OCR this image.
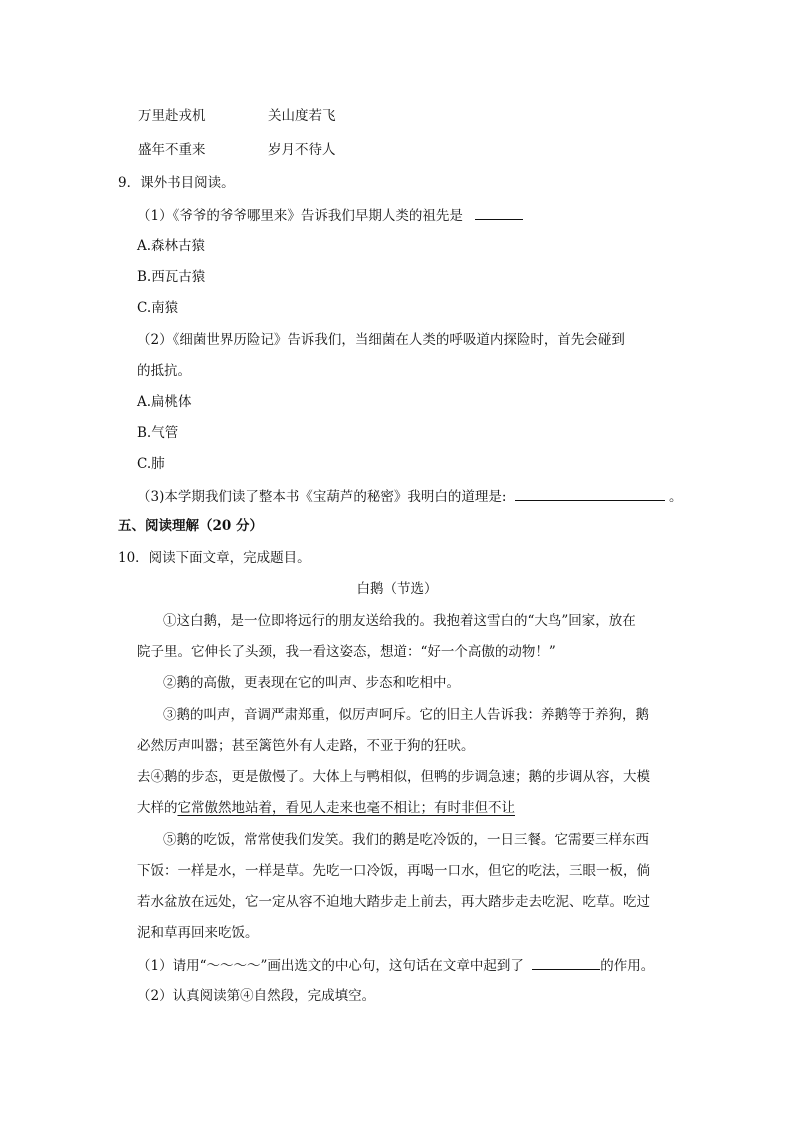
万里赴戎机	关山度若飞
盛年不重来	岁月不待人
9．课外书目阅读。
（1）《爷爷的爷爷哪里来》告诉我们早期人类的祖先是
A.森林古猿
B.西瓦古猿
C.南猿
（2）《细菌世界历险记》告诉我们，当细菌在人类的呼吸道内探险时，首先会碰到
的抵抗。
A.扁桃体
B.气管
C.肺
（3)本学期我们读了整本书《宝葫芦的秘密》我明白的道理是:	。
五、阅读理解（20 分）
10．阅读下面文章，完成题目。
白鹅（节选）
①这白鹅，是一位即将远行的朋友送给我的。我抱着这雪白的“大鸟”回家，放在
院子里。它伸长了头颈，我一看这姿态，想道：“好一个高傲的动物！”
②鹅的高傲，更表现在它的叫声、步态和吃相中。
③鹅的叫声，音调严肃郑重，似厉声呵斥。它的旧主人告诉我：养鹅等于养狗，鹅
必然厉声叫嚣；甚至篱笆外有人走路，不亚于狗的狂吠。
去④鹅的步态，更是傲慢了。大体上与鸭相似，但鸭的步调急速；鹅的步调从容，大模
大样的它常傲然地站着，看见人走来也毫不相让；有时非但不让
⑤鹅的吃饭，常常使我们发笑。我们的鹅是吃冷饭的，一日三餐。它需要三样东西
下饭：一样是水，一样是草。先吃一口冷饭，再喝一口水，但它的吃法，三眼一板，倘
若水盆放在远处，它一定从容不迫地大踏步走上前去，再大踏步走去吃泥、吃草。吃过
泥和草再回来吃饭。
（1）请用“～～～～”画出选文的中心句，这句话在文章中起到了	的作用。
（2）认真阅读第④自然段，完成填空。
